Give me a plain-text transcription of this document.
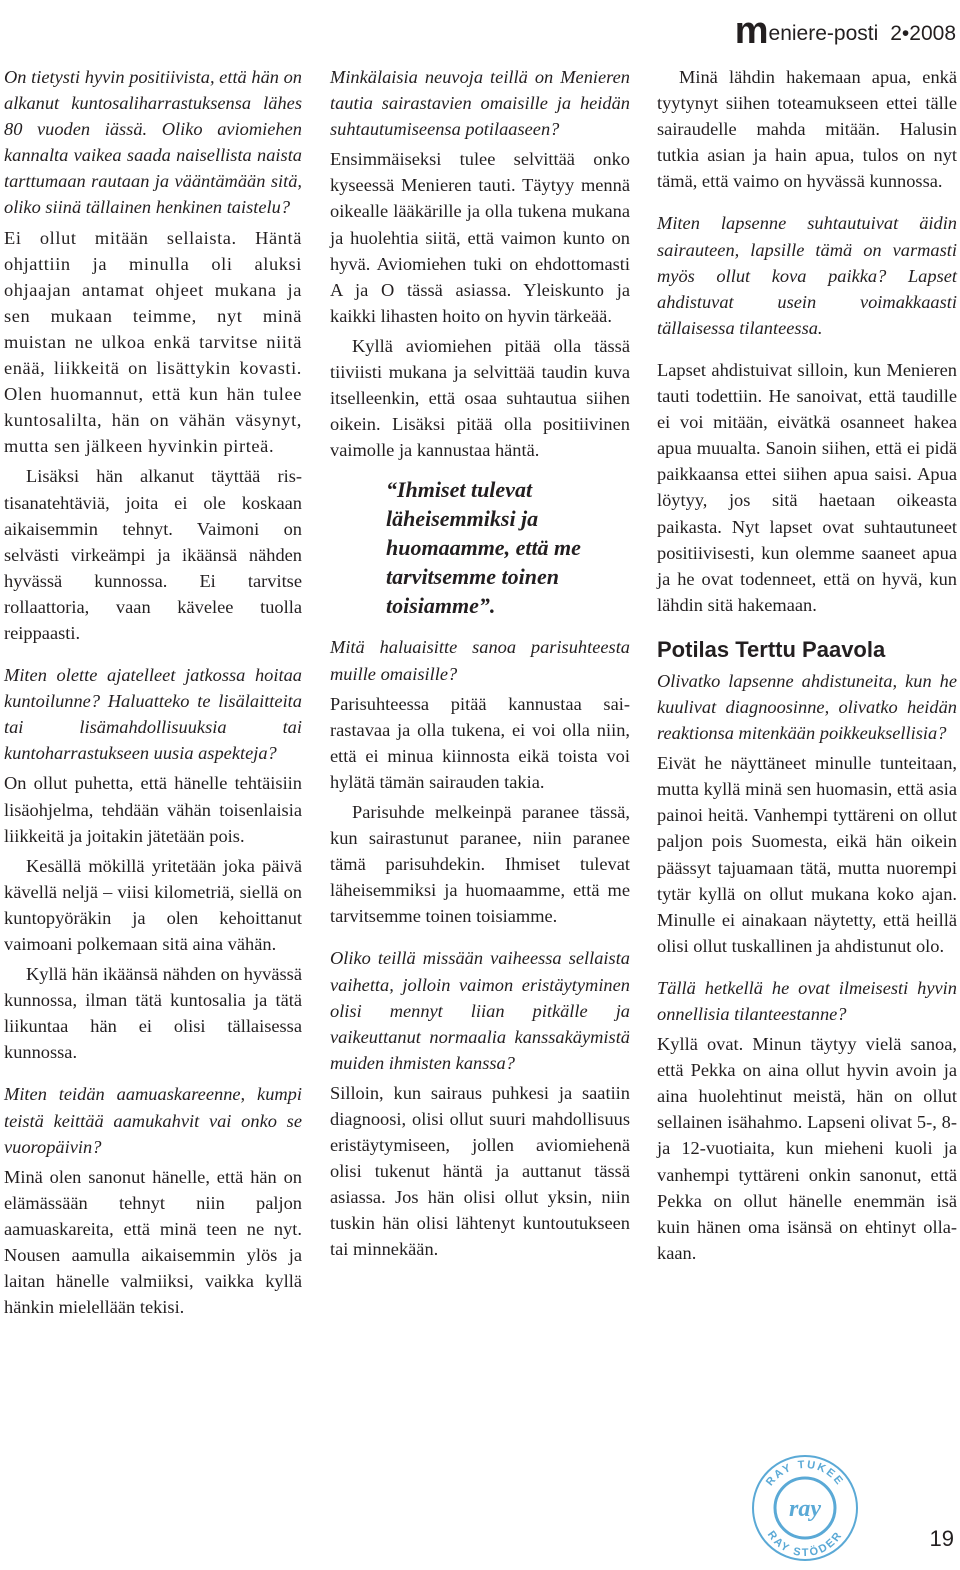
m eniere-posti 2•2008

On tietysti hyvin positiivista, että hän on alkanut kuntosaliharrastuksensa lähes 80 vuoden iässä. Oliko aviomiehen kannalta vaikea saada naisellista naista tarttumaan rautaan ja vääntämään sitä, oliko siinä tällainen henkinen taistelu?

Ei ollut mitään sellaista. Häntä ohjattiin ja minulla oli aluksi ohjaajan antamat ohjeet mukana ja sen mukaan teimme, nyt minä muistan ne ulkoa enkä tarvitse niitä enää, liikkeitä on lisättykin kovasti. Olen huomannut, että kun hän tulee kuntosalilta, hän on vähän väsynyt, mutta sen jälkeen hyvinkin pirteä.

Lisäksi hän alkanut täyttää ristisanatehtäviä, joita ei ole koskaan aikaisemmin tehnyt. Vaimoni on selvästi virkeämpi ja ikäänsä nähden hyvässä kunnossa. Ei tarvitse rollaattoria, vaan kävelee tuolla reippaasti.

Miten olette ajatelleet jatkossa hoitaa kuntoilunne? Haluatteko te lisälaitteita tai lisämahdollisuuksia tai kuntoharrastukseen uusia aspekteja?

On ollut puhetta, että hänelle tehtäisiin lisäohjelma, tehdään vähän toisenlaisia liikkeitä ja joitakin jätetään pois.

Kesällä mökillä yritetään joka päivä kävellä neljä – viisi kilometriä, siellä on kuntopyöräkin ja olen kehoittanut vaimoani polkemaan sitä aina vähän.

Kyllä hän ikäänsä nähden on hyvässä kunnossa, ilman tätä kuntosalia ja tätä liikuntaa hän ei olisi tällaisessa kunnossa.

Miten teidän aamuaskareenne, kumpi teistä keittää aamukahvit vai onko se vuoropäivin?

Minä olen sanonut hänelle, että hän on elämässään tehnyt niin paljon aamuaskareita, että minä teen ne nyt. Nousen aamulla aikaisemmin ylös ja laitan hänelle valmiiksi, vaikka kyllä hänkin mielellään tekisi.

Minkälaisia neuvoja teillä on Menieren tautia sairastavien omaisille ja heidän suhtautumiseensa potilaaseen?

Ensimmäiseksi tulee selvittää onko kyseessä Menieren tauti. Täytyy mennä oikealle lääkärille ja olla tukena mukana ja huolehtia siitä, että vaimon kunto on hyvä. Aviomiehen tuki on ehdottomasti A ja O tässä asiassa. Yleiskunto ja kaikki lihasten hoito on hyvin tärkeää.

Kyllä aviomiehen pitää olla tässä tiiviisti mukana ja selvittää taudin kuva itselleenkin, että osaa suhtautua siihen oikein. Lisäksi pitää olla positiivinen vaimolle ja kannustaa häntä.

“Ihmiset tulevat läheisemmiksi ja huomaamme, että me tarvitsemme toinen toisiamme”.

Mitä haluaisitte sanoa parisuhteesta muille omaisille?

Parisuhteessa pitää kannustaa sairastavaa ja olla tukena, ei voi olla niin, että ei minua kiinnosta eikä toista voi hylätä tämän sairauden takia.

Parisuhde melkeinpä paranee tässä, kun sairastunut paranee, niin paranee tämä parisuhdekin. Ihmiset tulevat läheisemmiksi ja huomaamme, että me tarvitsemme toinen toisiamme.

Oliko teillä missään vaiheessa sellaista vaihetta, jolloin vaimon eristäytyminen olisi mennyt liian pitkälle ja vaikeuttanut normaalia kanssakäymistä muiden ihmisten kanssa?

Silloin, kun sairaus puhkesi ja saatiin diagnoosi, olisi ollut suuri mahdollisuus eristäytymiseen, jollen aviomiehenä olisi tukenut häntä ja auttanut tässä asiassa. Jos hän olisi ollut yksin, niin tuskin hän olisi lähtenyt kuntoutukseen tai minnekään.

Minä lähdin hakemaan apua, enkä tyytynyt siihen toteamukseen ettei tälle sairaudelle mahda mitään. Halusin tutkia asian ja hain apua, tulos on nyt tämä, että vaimo on hyvässä kunnossa.

Miten lapsenne suhtautuivat äidin sairauteen, lapsille tämä on varmasti myös ollut kova paikka? Lapset ahdistuvat usein voimakkaasti tällaisessa tilanteessa.

Lapset ahdistuivat silloin, kun Menieren tauti todettiin. He sanoivat, että taudille ei voi mitään, eivätkä osanneet hakea apua muualta. Sanoin siihen, että ei pidä paikkaansa ettei siihen apua saisi. Apua löytyy, jos sitä haetaan oikeasta paikasta. Nyt lapset ovat suhtautuneet positiivisesti, kun olemme saaneet apua ja he ovat todenneet, että on hyvä, kun lähdin sitä hakemaan.

Potilas Terttu Paavola

Olivatko lapsenne ahdistuneita, kun he kuulivat diagnoosinne, olivatko heidän reaktionsa mitenkään poikkeuksellisia?

Eivät he näyttäneet minulle tunteitaan, mutta kyllä minä sen huomasin, että asia painoi heitä. Vanhempi tyttäreni on ollut paljon pois Suomesta, eikä hän oikein päässyt tajuamaan tätä, mutta nuorempi tytär kyllä on ollut mukana koko ajan. Minulle ei ainakaan näytetty, että heillä olisi ollut tuskallinen ja ahdistunut olo.

Tällä hetkellä he ovat ilmeisesti hyvin onnellisia tilanteestanne?

Kyllä ovat. Minun täytyy vielä sanoa, että Pekka on aina ollut hyvin avoin ja aina huolehtinut meistä, hän on ollut sellainen isähahmo. Lapseni olivat 5-, 8- ja 12-vuotiaita, kun mieheni kuoli ja vanhempi tyttäreni onkin sanonut, että Pekka on ollut hänelle enemmän isä kuin hänen oma isänsä on ehtinyt ollakaan.

RAY TUKEE
ray
RAY STÖDER	19
